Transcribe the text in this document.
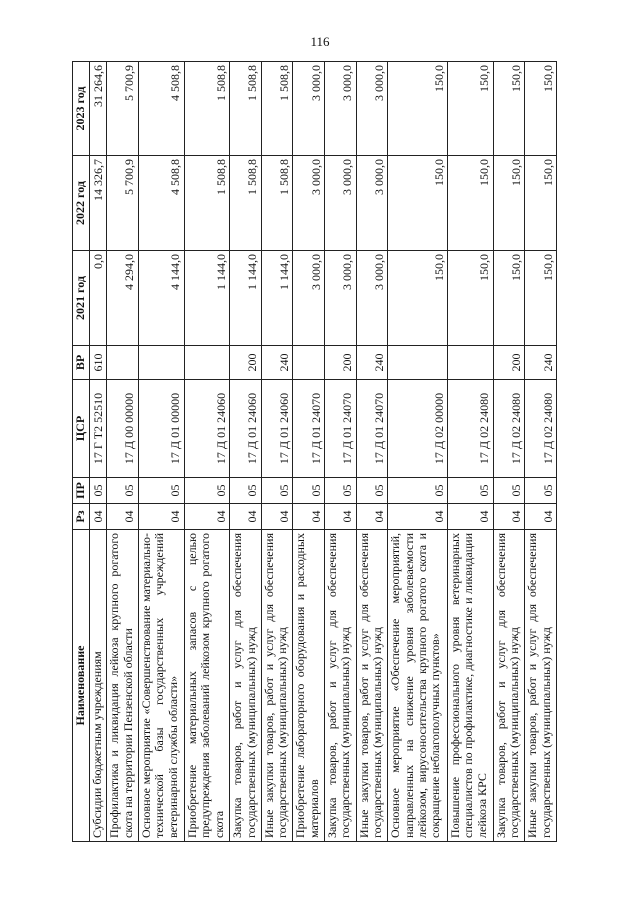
116
Наименование	Рз	ПР	ЦСР	ВР	2021 год	2022 год	2023 год
Субсидии бюджетным учреждениям	04	05	17 Г Т2 52510	610	0,0	14 326,7	31 264,6
Профилактика и ликвидация лейкоза крупного рогатого скота на территории Пензенской области	04	05	17 Д 00 00000		4 294,0	5 700,9	5 700,9
Основное мероприятие «Совершенствование материально-технической базы государственных учреждений ветеринарной службы области»	04	05	17 Д 01 00000		4 144,0	4 508,8	4 508,8
Приобретение материальных запасов с целью предупреждения заболеваний лейкозом крупного рогатого скота	04	05	17 Д 01 24060		1 144,0	1 508,8	1 508,8
Закупка товаров, работ и услуг для обеспечения государственных (муниципальных) нужд	04	05	17 Д 01 24060	200	1 144,0	1 508,8	1 508,8
Иные закупки товаров, работ и услуг для обеспечения государственных (муниципальных) нужд	04	05	17 Д 01 24060	240	1 144,0	1 508,8	1 508,8
Приобретение лабораторного оборудования и расходных материалов	04	05	17 Д 01 24070		3 000,0	3 000,0	3 000,0
Закупка товаров, работ и услуг для обеспечения государственных (муниципальных) нужд	04	05	17 Д 01 24070	200	3 000,0	3 000,0	3 000,0
Иные закупки товаров, работ и услуг для обеспечения государственных (муниципальных) нужд	04	05	17 Д 01 24070	240	3 000,0	3 000,0	3 000,0
Основное мероприятие «Обеспечение мероприятий, направленных на снижение уровня заболеваемости лейкозом, вирусоносительства крупного рогатого скота и сокращение неблагополучных пунктов»	04	05	17 Д 02 00000		150,0	150,0	150,0
Повышение профессионального уровня ветеринарных специалистов по профилактике, диагностике и ликвидации лейкоза КРС	04	05	17 Д 02 24080		150,0	150,0	150,0
Закупка товаров, работ и услуг для обеспечения государственных (муниципальных) нужд	04	05	17 Д 02 24080	200	150,0	150,0	150,0
Иные закупки товаров, работ и услуг для обеспечения государственных (муниципальных) нужд	04	05	17 Д 02 24080	240	150,0	150,0	150,0
